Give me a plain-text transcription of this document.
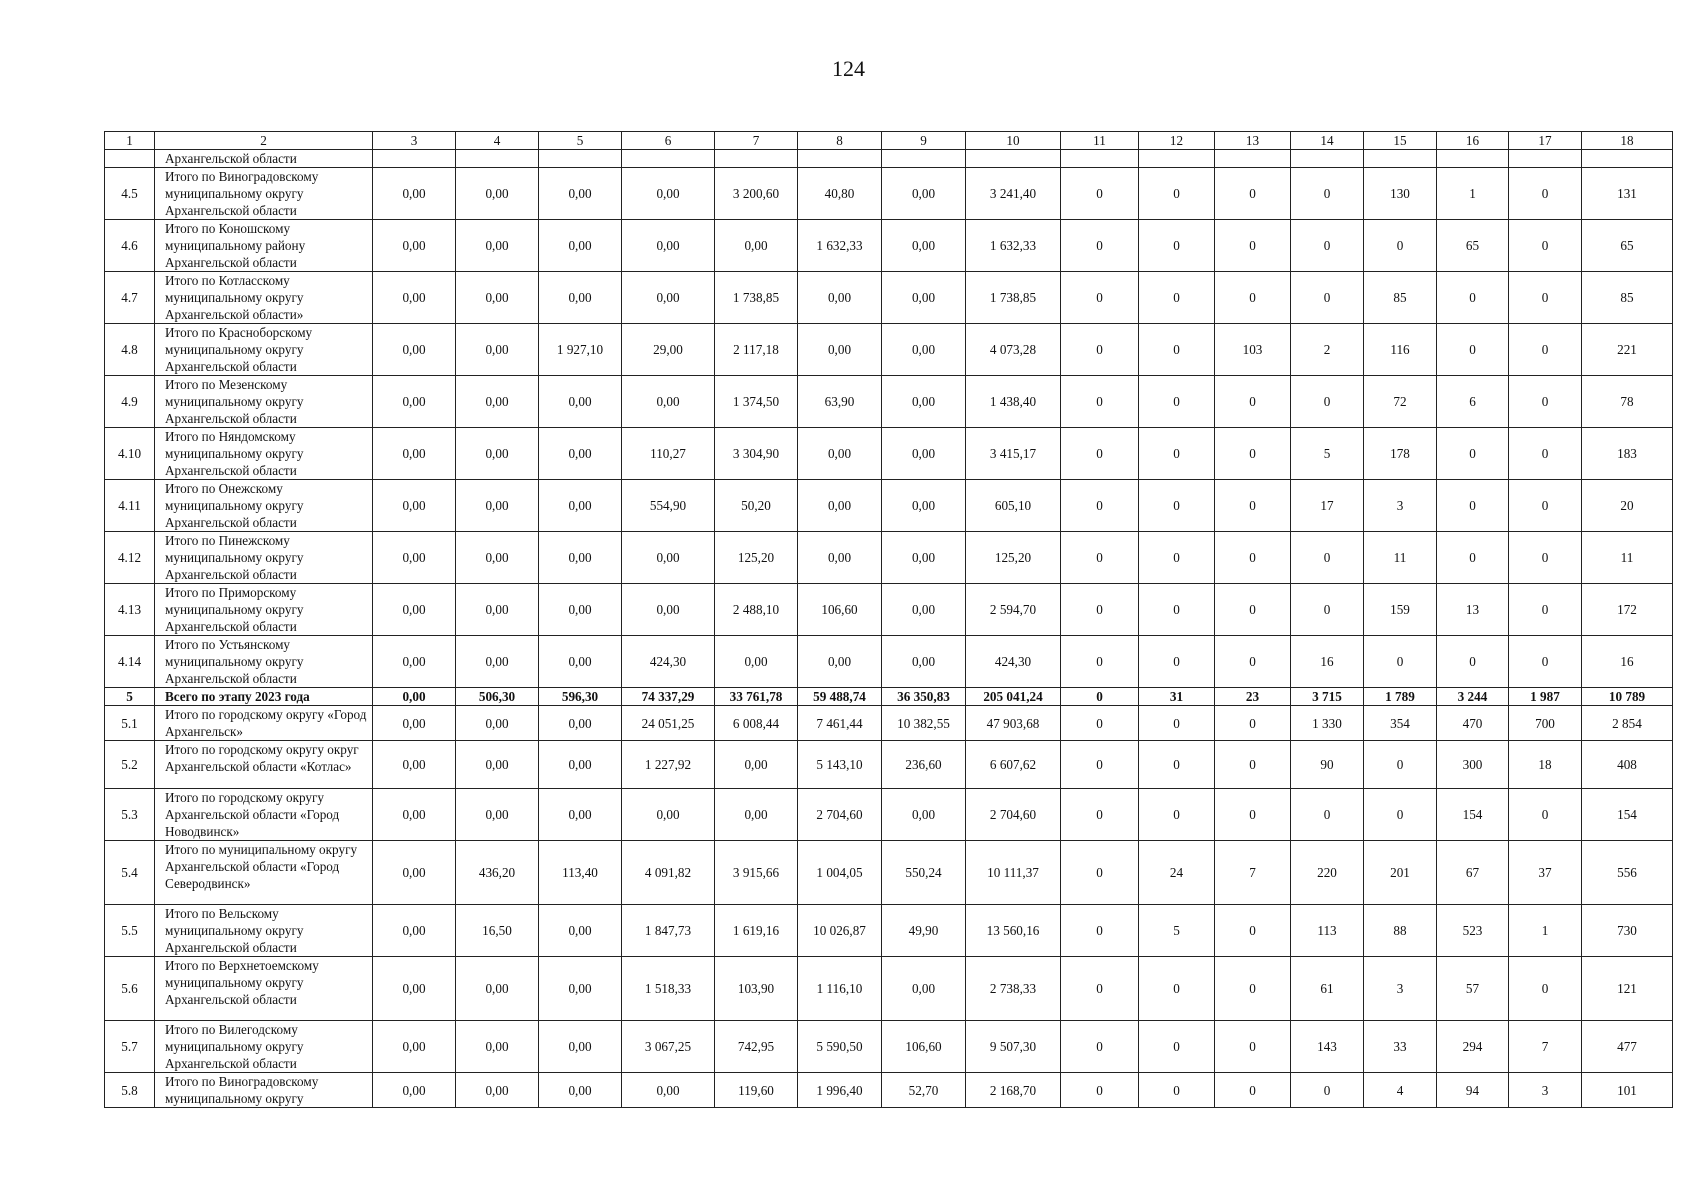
124
1	2	3	4	5	6	7	8	9	10	11	12	13	14	15	16	17	18
	Архангельской области																
4.5	Итого по Виноградовскому муниципальному округу Архангельской области	0,00	0,00	0,00	0,00	3 200,60	40,80	0,00	3 241,40	0	0	0	0	130	1	0	131
4.6	Итого по Коношскому муниципальному району Архангельской области	0,00	0,00	0,00	0,00	0,00	1 632,33	0,00	1 632,33	0	0	0	0	0	65	0	65
4.7	Итого по Котласскому муниципальному округу Архангельской области»	0,00	0,00	0,00	0,00	1 738,85	0,00	0,00	1 738,85	0	0	0	0	85	0	0	85
4.8	Итого по Красноборскому муниципальному округу Архангельской области	0,00	0,00	1 927,10	29,00	2 117,18	0,00	0,00	4 073,28	0	0	103	2	116	0	0	221
4.9	Итого по Мезенскому муниципальному округу Архангельской области	0,00	0,00	0,00	0,00	1 374,50	63,90	0,00	1 438,40	0	0	0	0	72	6	0	78
4.10	Итого по Няндомскому муниципальному округу Архангельской области	0,00	0,00	0,00	110,27	3 304,90	0,00	0,00	3 415,17	0	0	0	5	178	0	0	183
4.11	Итого по Онежскому муниципальному округу Архангельской области	0,00	0,00	0,00	554,90	50,20	0,00	0,00	605,10	0	0	0	17	3	0	0	20
4.12	Итого по Пинежскому муниципальному округу Архангельской области	0,00	0,00	0,00	0,00	125,20	0,00	0,00	125,20	0	0	0	0	11	0	0	11
4.13	Итого по Приморскому муниципальному округу Архангельской области	0,00	0,00	0,00	0,00	2 488,10	106,60	0,00	2 594,70	0	0	0	0	159	13	0	172
4.14	Итого по Устьянскому муниципальному округу Архангельской области	0,00	0,00	0,00	424,30	0,00	0,00	0,00	424,30	0	0	0	16	0	0	0	16
5	Всего по этапу 2023 года	0,00	506,30	596,30	74 337,29	33 761,78	59 488,74	36 350,83	205 041,24	0	31	23	3 715	1 789	3 244	1 987	10 789
5.1	Итого по городскому округу «Город Архангельск»	0,00	0,00	0,00	24 051,25	6 008,44	7 461,44	10 382,55	47 903,68	0	0	0	1 330	354	470	700	2 854
5.2	Итого по городскому округу округ Архангельской области «Котлас»	0,00	0,00	0,00	1 227,92	0,00	5 143,10	236,60	6 607,62	0	0	0	90	0	300	18	408
5.3	Итого по городскому округу Архангельской области «Город Новодвинск»	0,00	0,00	0,00	0,00	0,00	2 704,60	0,00	2 704,60	0	0	0	0	0	154	0	154
5.4	Итого по муниципальному округу Архангельской области «Город Северодвинск»	0,00	436,20	113,40	4 091,82	3 915,66	1 004,05	550,24	10 111,37	0	24	7	220	201	67	37	556
5.5	Итого по Вельскому муниципальному округу Архангельской области	0,00	16,50	0,00	1 847,73	1 619,16	10 026,87	49,90	13 560,16	0	5	0	113	88	523	1	730
5.6	Итого по Верхнетоемскому муниципальному округу Архангельской области	0,00	0,00	0,00	1 518,33	103,90	1 116,10	0,00	2 738,33	0	0	0	61	3	57	0	121
5.7	Итого по Вилегодскому муниципальному округу Архангельской области	0,00	0,00	0,00	3 067,25	742,95	5 590,50	106,60	9 507,30	0	0	0	143	33	294	7	477
5.8	Итого по Виноградовскому муниципальному округу	0,00	0,00	0,00	0,00	119,60	1 996,40	52,70	2 168,70	0	0	0	0	4	94	3	101
